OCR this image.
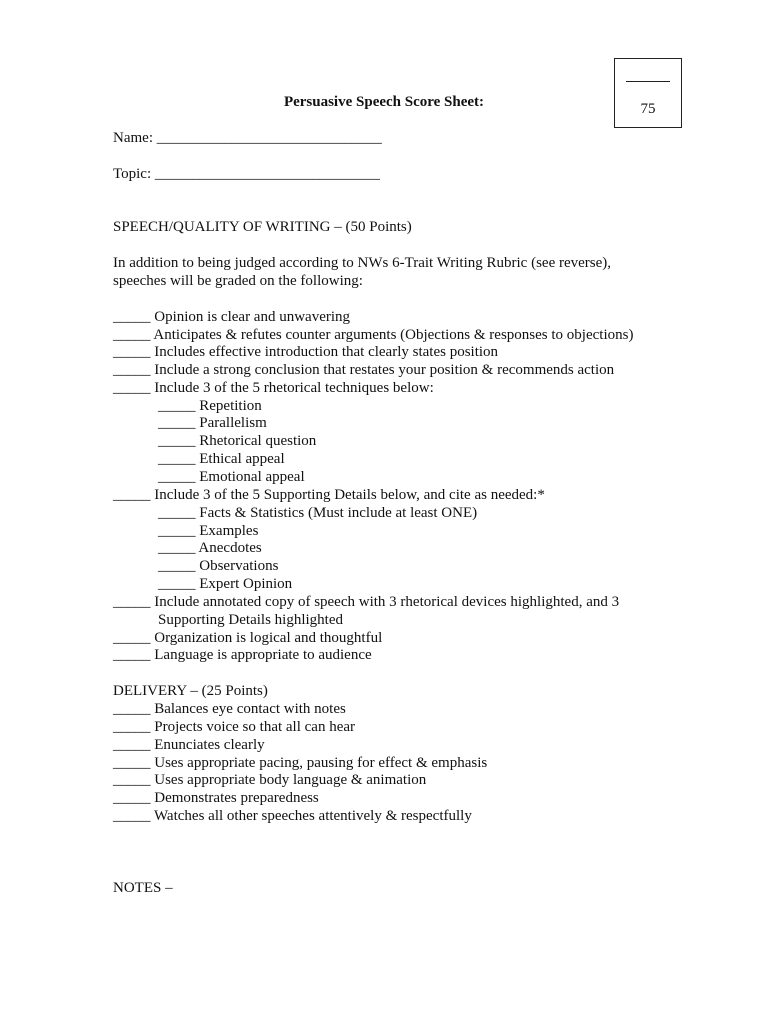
75
Persuasive Speech Score Sheet:
Name: ______________________________
Topic: ______________________________
SPEECH/QUALITY OF WRITING – (50 Points)
In addition to being judged according to NWs 6-Trait Writing Rubric (see reverse),
speeches will be graded on the following:
_____ Opinion is clear and unwavering
_____ Anticipates & refutes counter arguments (Objections & responses to objections)
_____ Includes effective introduction that clearly states position
_____ Include a strong conclusion that restates your position & recommends action
_____ Include 3 of the 5 rhetorical techniques below:
_____ Repetition
_____ Parallelism
_____ Rhetorical question
_____ Ethical appeal
_____ Emotional appeal
_____ Include 3 of the 5 Supporting Details below, and cite as needed:*
_____ Facts & Statistics (Must include at least ONE)
_____ Examples
_____ Anecdotes
_____ Observations
_____ Expert Opinion
_____ Include annotated copy of speech with 3 rhetorical devices highlighted, and 3
Supporting Details highlighted
_____ Organization is logical and thoughtful
_____ Language is appropriate to audience
DELIVERY – (25 Points)
_____ Balances eye contact with notes
_____ Projects voice so that all can hear
_____ Enunciates clearly
_____ Uses appropriate pacing, pausing for effect & emphasis
_____ Uses appropriate body language & animation
_____ Demonstrates preparedness
_____ Watches all other speeches attentively & respectfully
NOTES –
